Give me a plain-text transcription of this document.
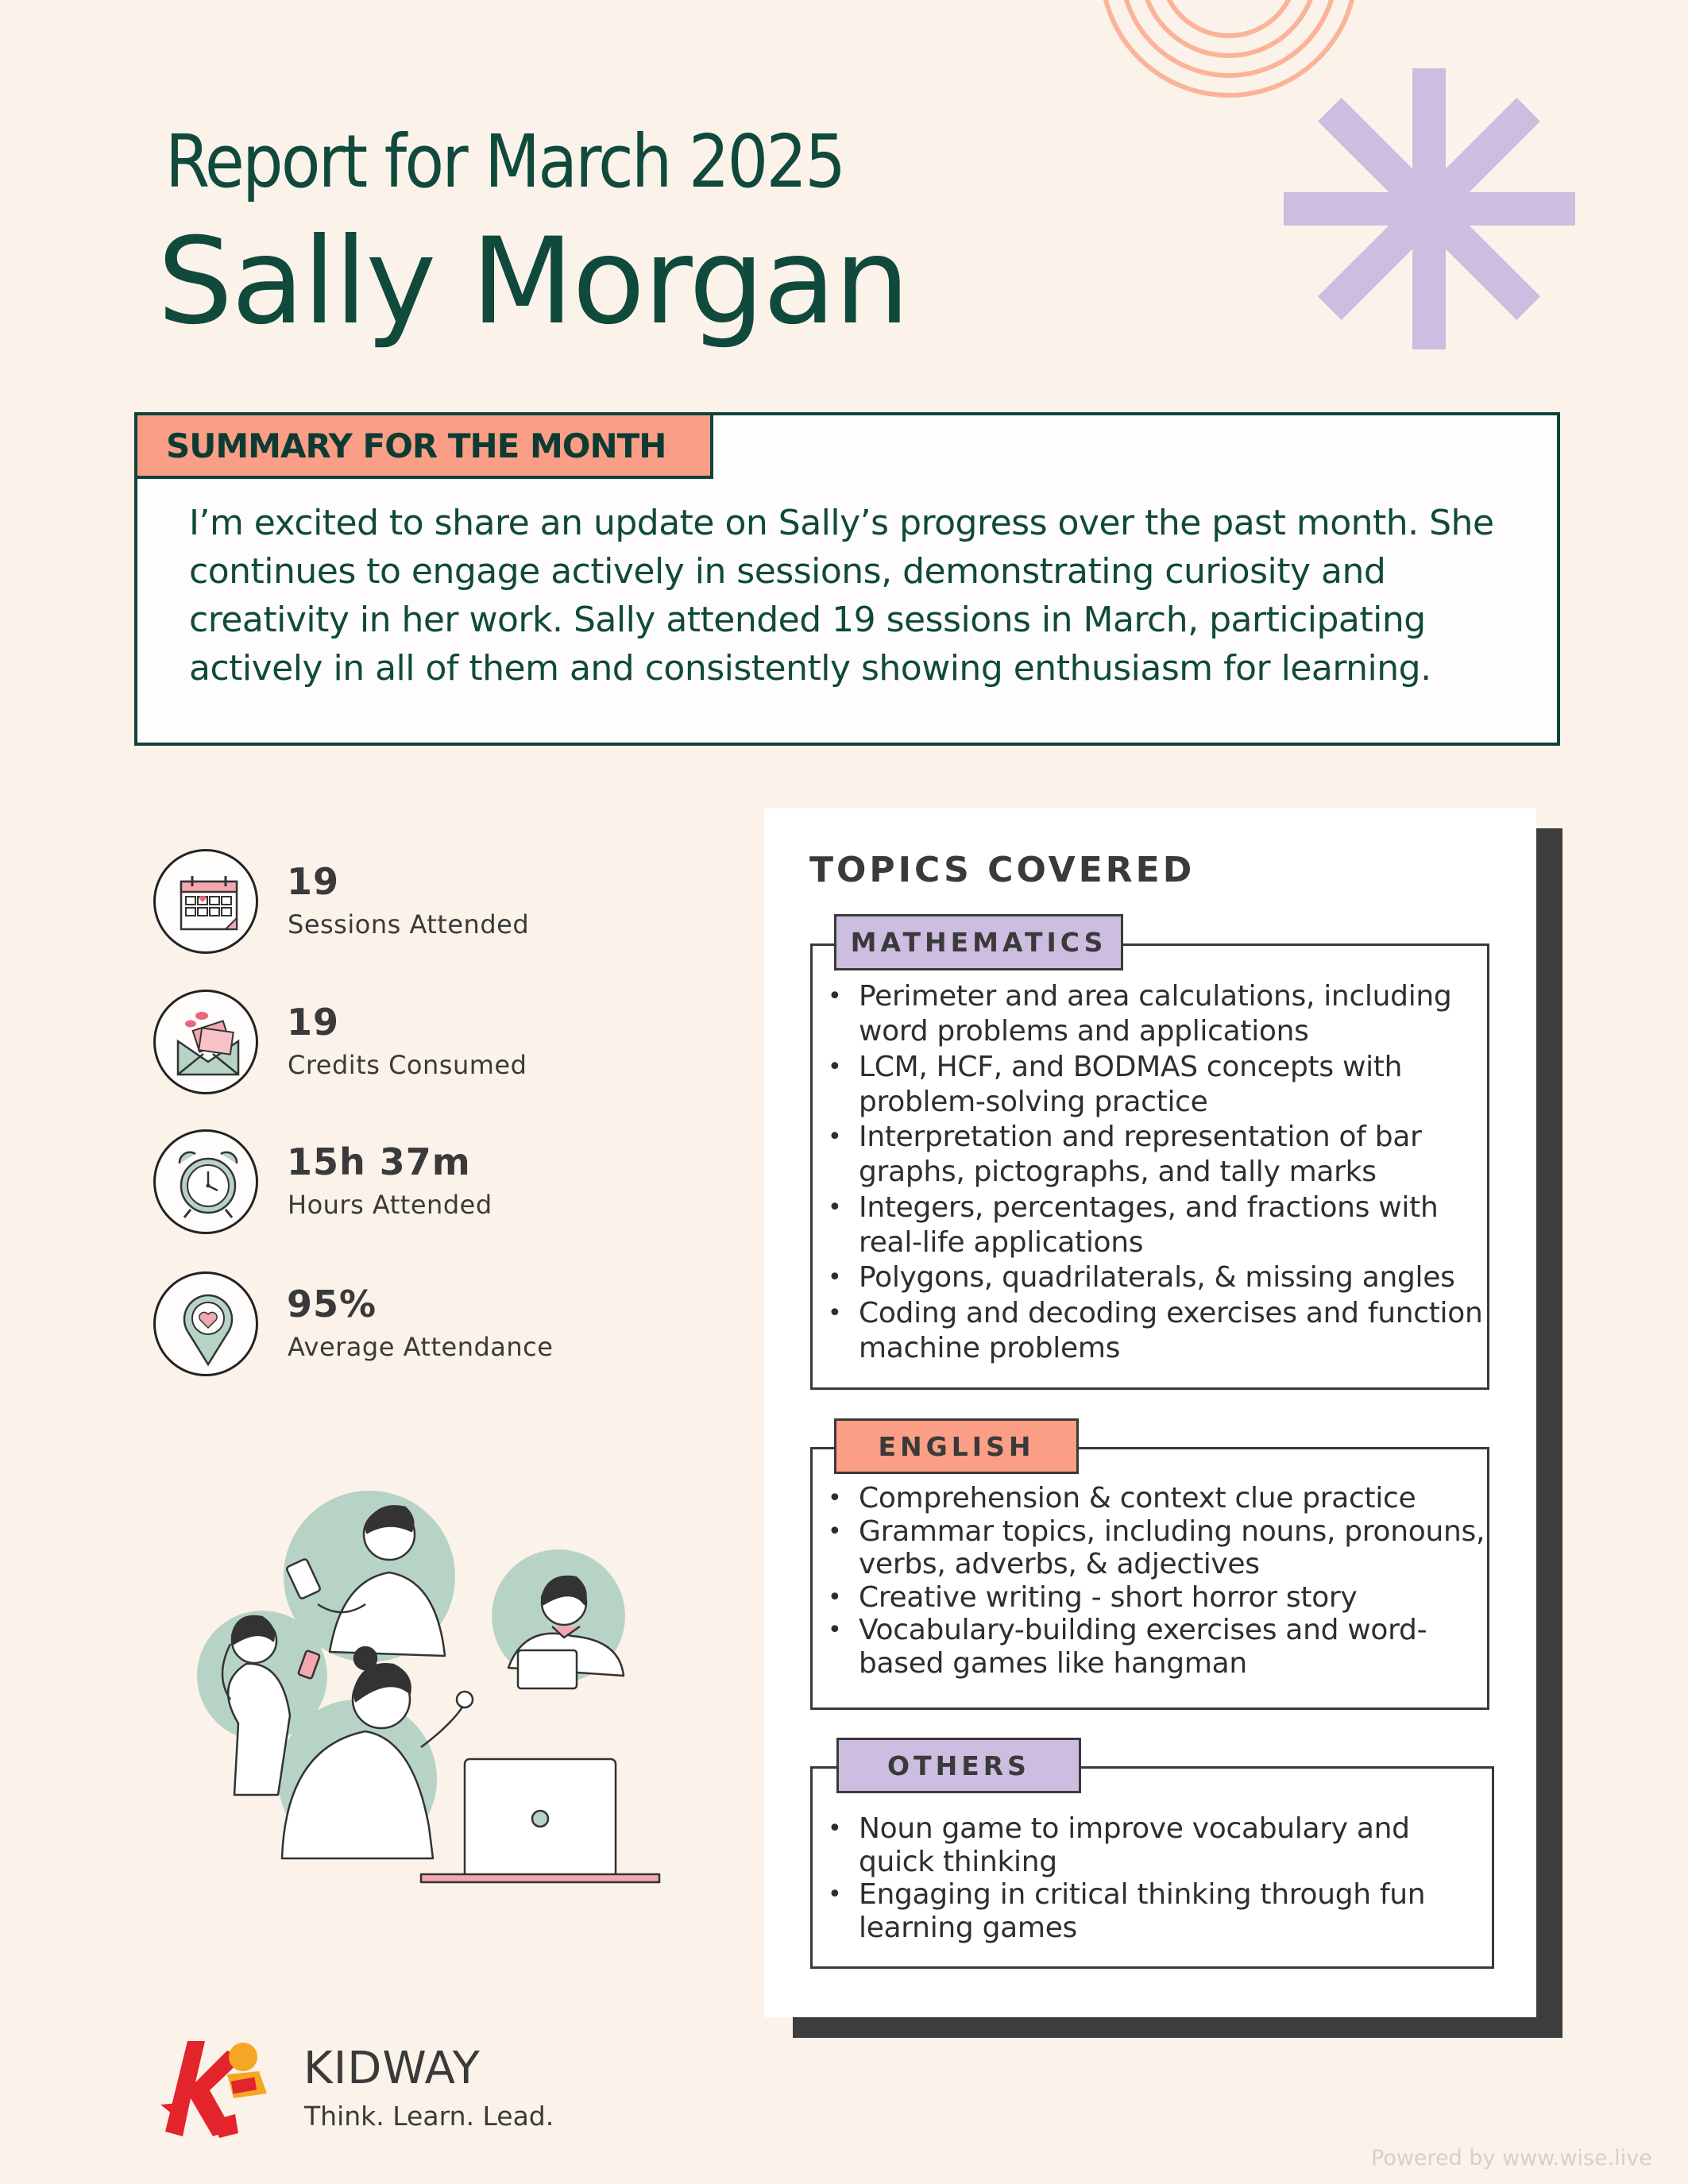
Report for March 2025
Sally Morgan
SUMMARY FOR THE MONTH
I’m excited to share an update on Sally’s progress over the past month. She continues to engage actively in sessions, demonstrating curiosity and creativity in her work. Sally attended 19 sessions in March, participating actively in all of them and consistently showing enthusiasm for learning.
19
Sessions Attended
19
Credits Consumed
15h 37m
Hours Attended
95%
Average Attendance
TOPICS COVERED
MATHEMATICS
• Perimeter and area calculations, including word problems and applications
• LCM, HCF, and BODMAS concepts with problem-solving practice
• Interpretation and representation of bar graphs, pictographs, and tally marks
• Integers, percentages, and fractions with real-life applications
• Polygons, quadrilaterals, & missing angles
• Coding and decoding exercises and function machine problems
ENGLISH
• Comprehension & context clue practice
• Grammar topics, including nouns, pronouns, verbs, adverbs, & adjectives
• Creative writing - short horror story
• Vocabulary-building exercises and word-based games like hangman
OTHERS
• Noun game to improve vocabulary and quick thinking
• Engaging in critical thinking through fun learning games
KIDWAY
Think. Learn. Lead.
Powered by www.wise.live
